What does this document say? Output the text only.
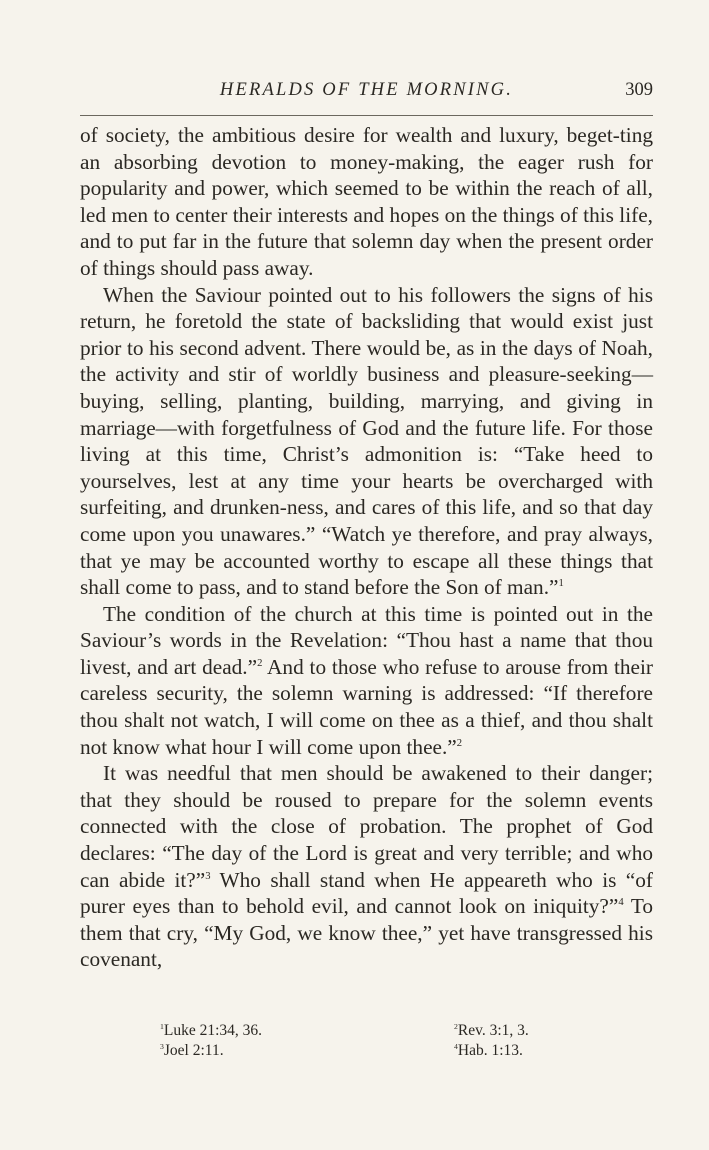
HERALDS OF THE MORNING.	309

of society, the ambitious desire for wealth and luxury, beget-ting an absorbing devotion to money-making, the eager rush for popularity and power, which seemed to be within the reach of all, led men to center their interests and hopes on the things of this life, and to put far in the future that solemn day when the present order of things should pass away.

When the Saviour pointed out to his followers the signs of his return, he foretold the state of backsliding that would exist just prior to his second advent. There would be, as in the days of Noah, the activity and stir of worldly business and pleasure-seeking—buying, selling, planting, building, marrying, and giving in marriage—with forgetfulness of God and the future life. For those living at this time, Christ’s admonition is: “Take heed to yourselves, lest at any time your hearts be overcharged with surfeiting, and drunken-ness, and cares of this life, and so that day come upon you unawares.” “Watch ye therefore, and pray always, that ye may be accounted worthy to escape all these things that shall come to pass, and to stand before the Son of man.”$^1$

The condition of the church at this time is pointed out in the Saviour’s words in the Revelation: “Thou hast a name that thou livest, and art dead.”$^2$ And to those who refuse to arouse from their careless security, the solemn warning is addressed: “If therefore thou shalt not watch, I will come on thee as a thief, and thou shalt not know what hour I will come upon thee.”$^2$

It was needful that men should be awakened to their danger; that they should be roused to prepare for the solemn events connected with the close of probation. The prophet of God declares: “The day of the Lord is great and very terrible; and who can abide it?”$^3$ Who shall stand when He appeareth who is “of purer eyes than to behold evil, and cannot look on iniquity?”$^4$ To them that cry, “My God, we know thee,” yet have transgressed his covenant,

$^1$Luke 21:34, 36.	$^2$Rev. 3:1, 3.
$^3$Joel 2:11.	$^4$Hab. 1:13.
